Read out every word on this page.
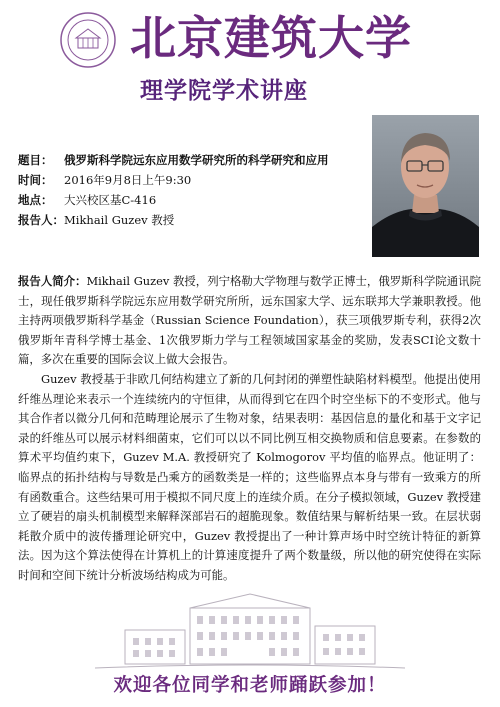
北京建筑大学
理学院学术讲座
题目： 俄罗斯科学院远东应用数学研究所的科学研究和应用
时间： 2016年9月8日上午9:30
地点： 大兴校区基C-416
报告人：Mikhail Guzev 教授

报告人简介：Mikhail Guzev 教授，列宁格勒大学物理与数学正博士，俄罗斯科学院通讯院士，现任俄罗斯科学院远东应用数学研究所所，远东国家大学、远东联邦大学兼职教授。他主持两项俄罗斯科学基金（Russian Science Foundation），获三项俄罗斯专利，获得2次俄罗斯年青科学博士基金、1次俄罗斯力学与工程领域国家基金的奖励，发表SCI论文数十篇，多次在重要的国际会议上做大会报告。

Guzev 教授基于非欧几何结构建立了新的几何封闭的弹塑性缺陷材料模型。他提出使用纤维丛理论来表示一个连续统内的守恒律，从而得到它在四个时空坐标下的不变形式。他与其合作者以微分几何和范畴理论展示了生物对象，结果表明：基因信息的量化和基于文字记录的纤维丛可以展示材料细菌束，它们可以以不同比例互相交换物质和信息要素。在参数的算术平均值约束下，Guzev M.A. 教授研究了 Kolmogorov 平均值的临界点。他证明了：临界点的拓扑结构与导数是凸乘方的函数类是一样的；这些临界点本身与带有一致乘方的所有函数重合。这些结果可用于模拟不同尺度上的连续介质。在分子模拟领域，Guzev 教授建立了硬岩的扇头机制模型来解释深部岩石的超脆现象。数值结果与解析结果一致。在层状弱耗散介质中的波传播理论研究中，Guzev 教授提出了一种计算声场中时空统计特征的新算法。因为这个算法使得在计算机上的计算速度提升了两个数量级，所以他的研究使得在实际时间和空间下统计分析波场结构成为可能。

欢迎各位同学和老师踊跃参加！
